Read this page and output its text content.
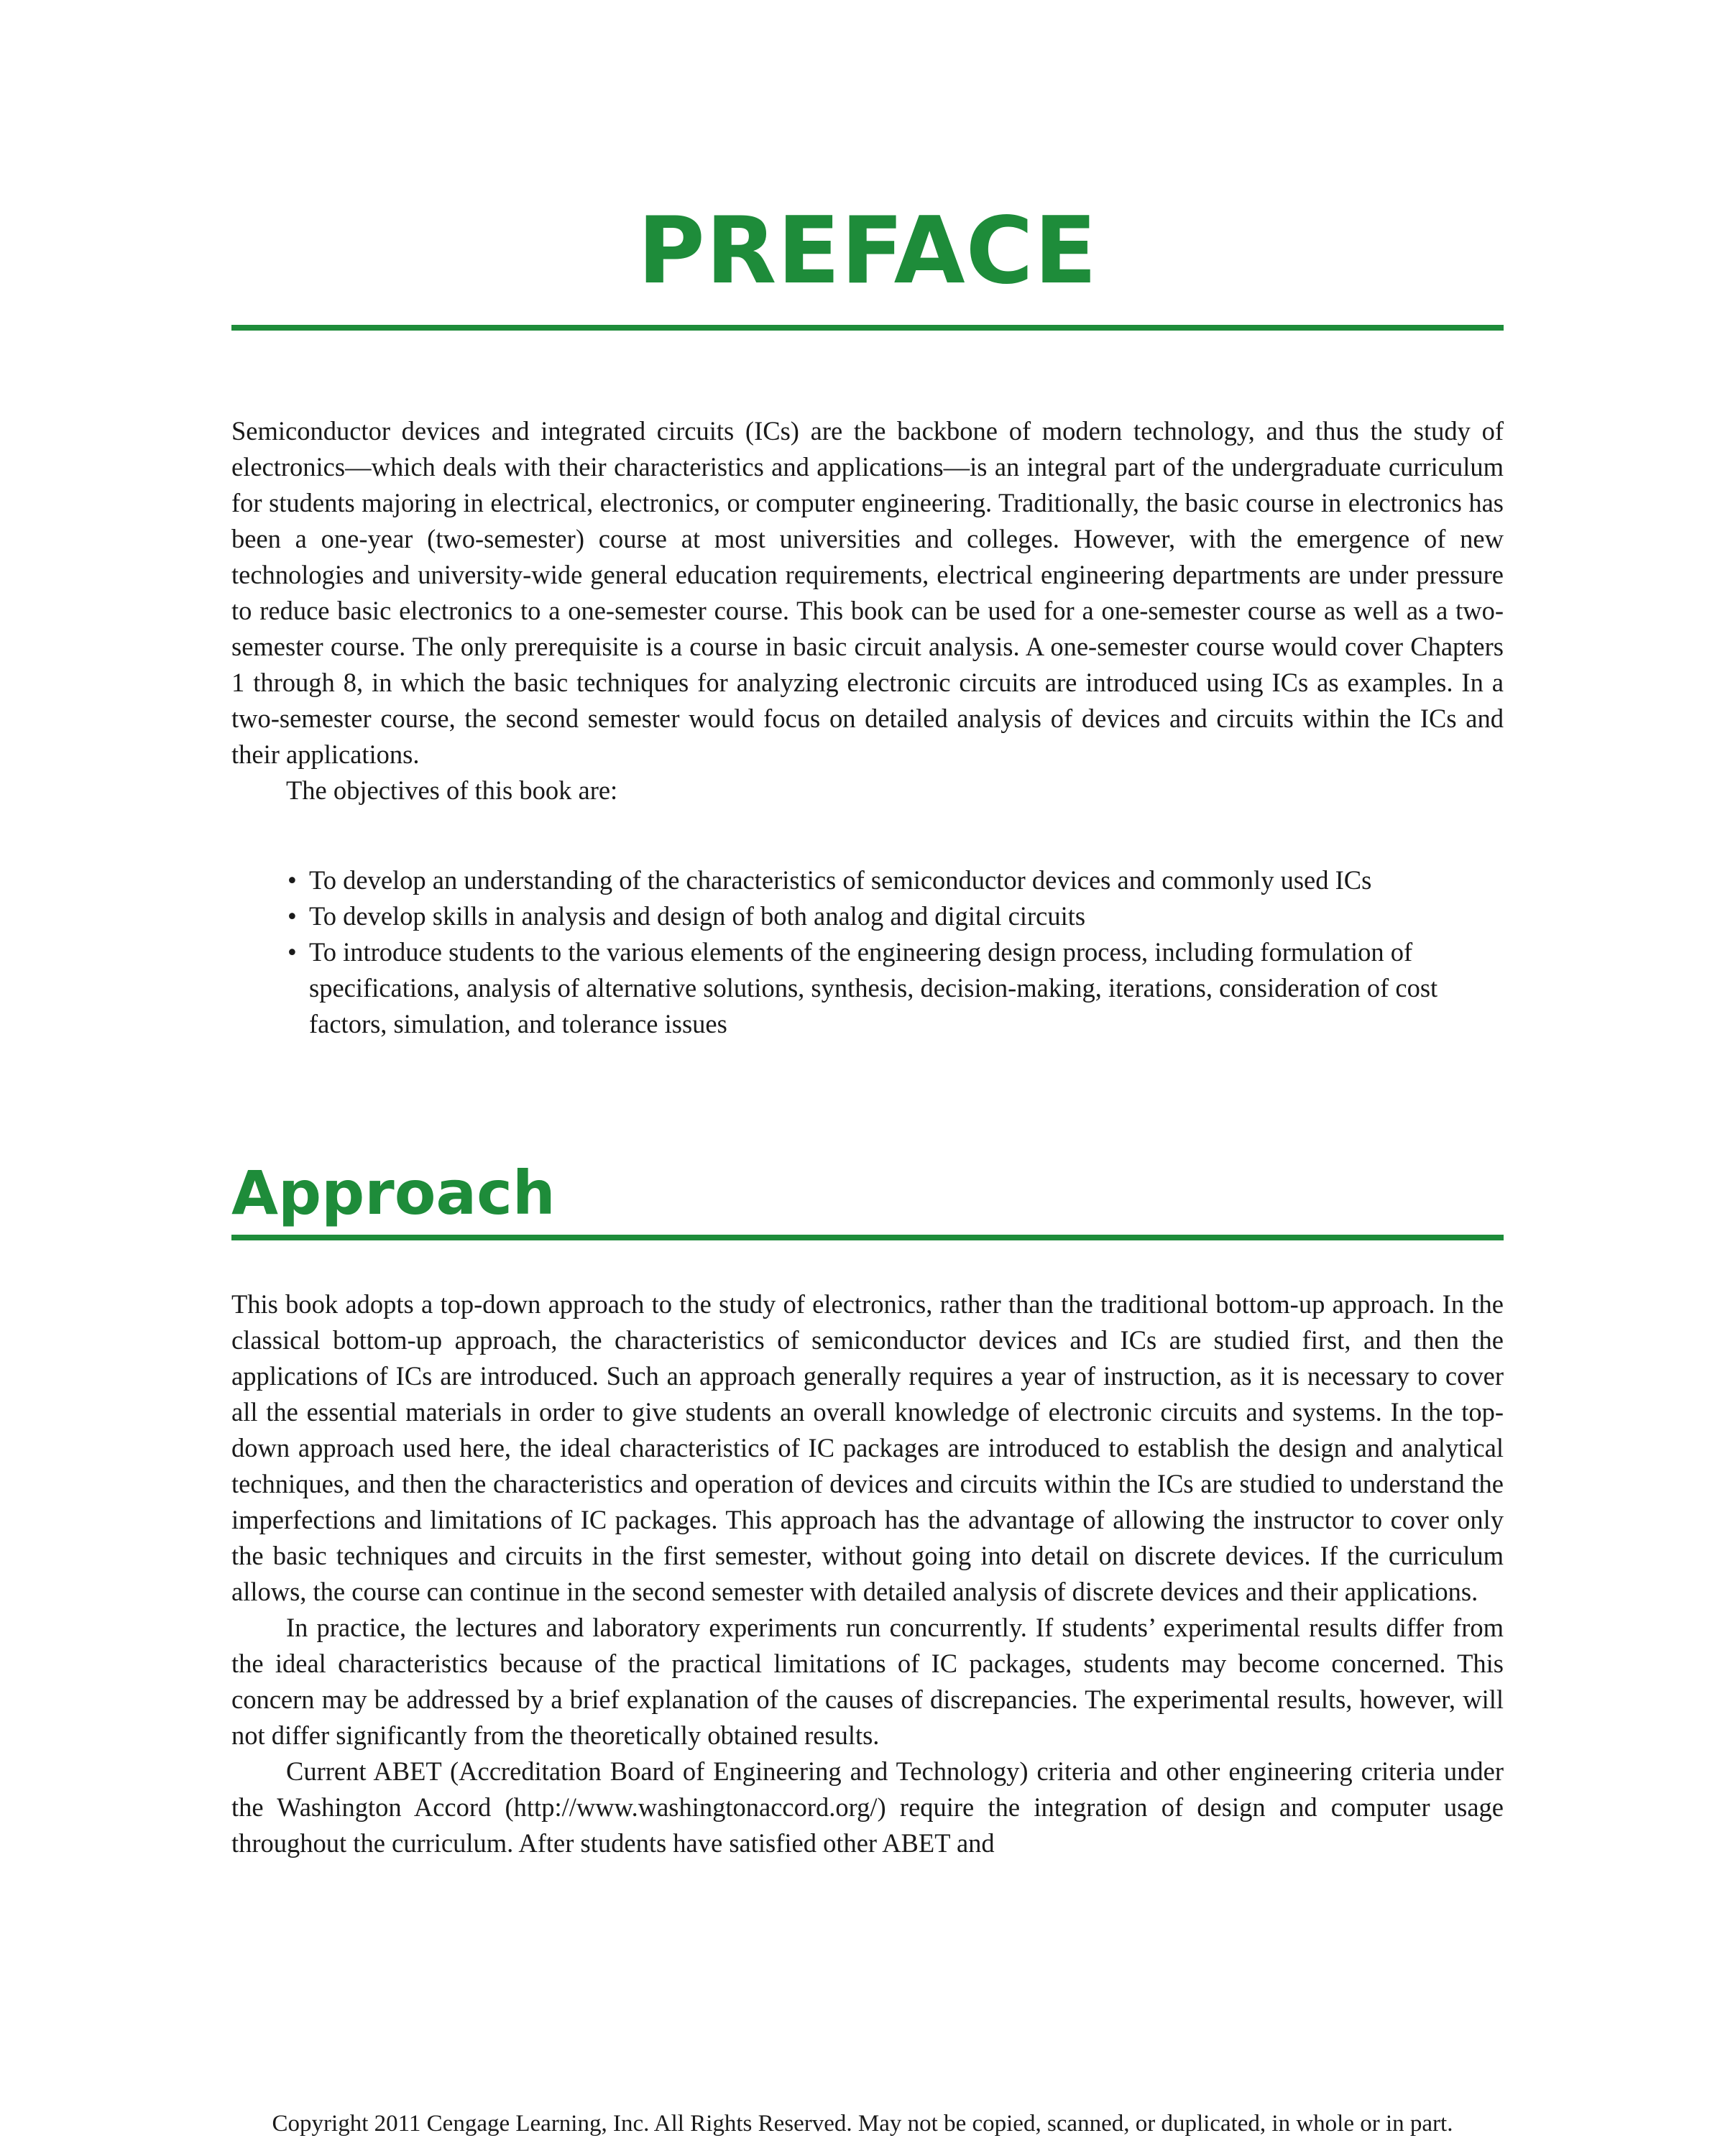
PREFACE

Semiconductor devices and integrated circuits (ICs) are the backbone of modern technology, and thus the study of electronics—which deals with their characteristics and applications—is an integral part of the undergraduate curriculum for students majoring in electrical, electronics, or computer engineering. Traditionally, the basic course in electronics has been a one-year (two-semester) course at most universities and colleges. However, with the emergence of new technologies and university-wide general education requirements, electrical engineering departments are under pressure to reduce basic electronics to a one-semester course. This book can be used for a one-semester course as well as a two-semester course. The only prerequisite is a course in basic circuit analysis. A one-semester course would cover Chapters 1 through 8, in which the basic techniques for analyzing electronic circuits are introduced using ICs as examples. In a two-semester course, the second semester would focus on detailed analysis of devices and circuits within the ICs and their applications.

The objectives of this book are:

• To develop an understanding of the characteristics of semiconductor devices and commonly used ICs
• To develop skills in analysis and design of both analog and digital circuits
• To introduce students to the various elements of the engineering design process, including formulation of specifications, analysis of alternative solutions, synthesis, decision-making, iterations, consideration of cost factors, simulation, and tolerance issues
Approach

This book adopts a top-down approach to the study of electronics, rather than the traditional bottom-up approach. In the classical bottom-up approach, the characteristics of semiconductor devices and ICs are studied first, and then the applications of ICs are introduced. Such an approach generally requires a year of instruction, as it is necessary to cover all the essential materials in order to give students an overall knowledge of electronic circuits and systems. In the top-down approach used here, the ideal characteristics of IC packages are introduced to establish the design and analytical techniques, and then the characteristics and operation of devices and circuits within the ICs are studied to understand the imperfections and limitations of IC packages. This approach has the advantage of allowing the instructor to cover only the basic techniques and circuits in the first semester, without going into detail on discrete devices. If the curriculum allows, the course can continue in the second semester with detailed analysis of discrete devices and their applications.

In practice, the lectures and laboratory experiments run concurrently. If students’ experimental results differ from the ideal characteristics because of the practical limitations of IC packages, students may become concerned. This concern may be addressed by a brief explanation of the causes of discrepancies. The experimental results, however, will not differ significantly from the theoretically obtained results.

Current ABET (Accreditation Board of Engineering and Technology) criteria and other engineering criteria under the Washington Accord (http://www.washingtonaccord.org/) require the integration of design and computer usage throughout the curriculum. After students have satisfied other ABET and

Copyright 2011 Cengage Learning, Inc. All Rights Reserved. May not be copied, scanned, or duplicated, in whole or in part.
